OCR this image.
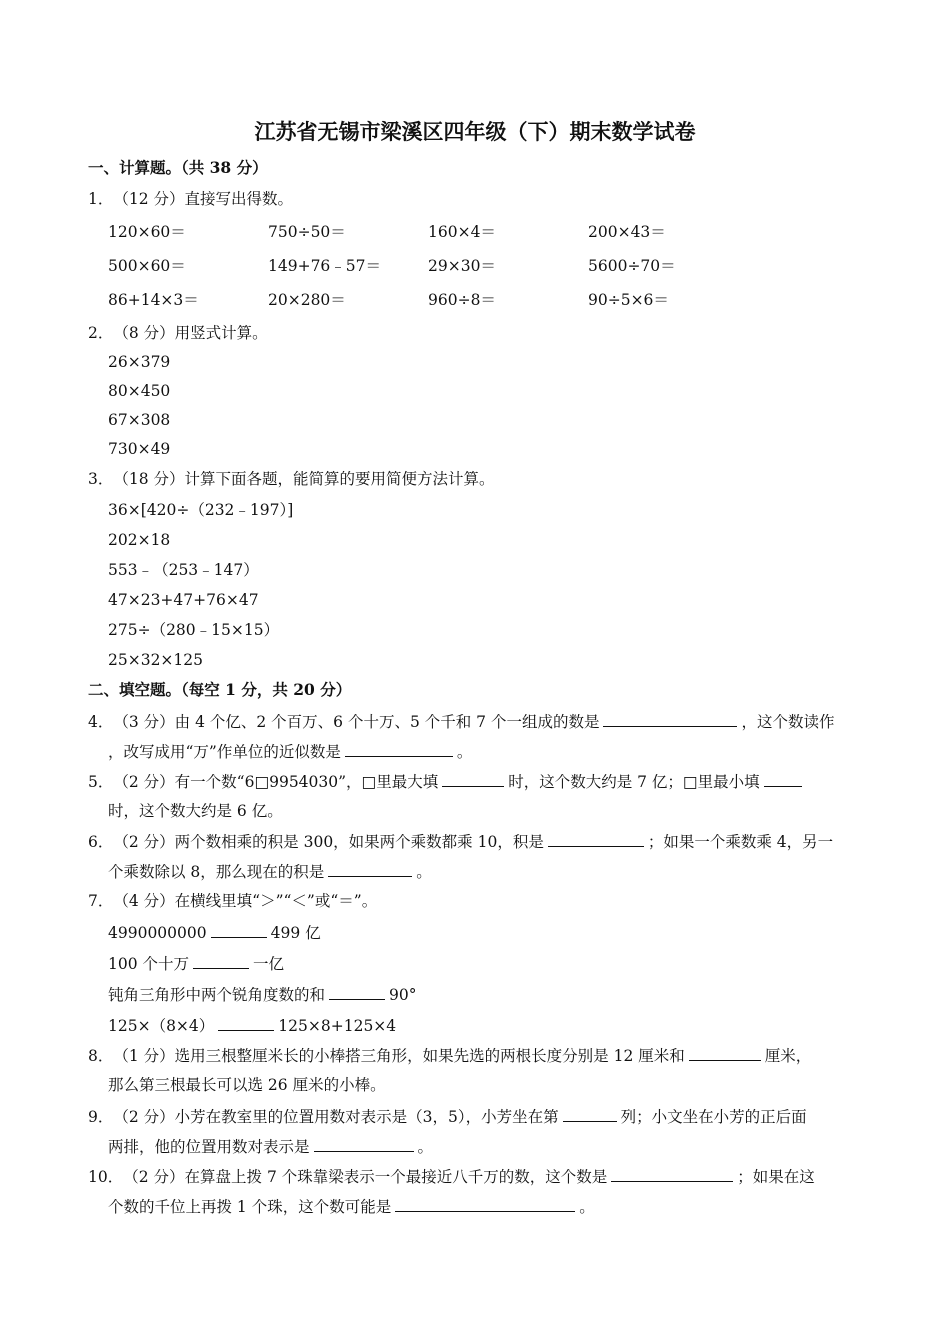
江苏省无锡市梁溪区四年级（下）期末数学试卷
一、计算题。（共 38 分）
1．（12 分）直接写出得数。
120×60＝	750÷50＝	160×4＝	200×43＝
500×60＝	149+76﹣57＝	29×30＝	5600÷70＝
86+14×3＝	20×280＝	960÷8＝	90÷5×6＝
2．（8 分）用竖式计算。
26×379
80×450
67×308
730×49
3．（18 分）计算下面各题，能简算的要用简便方法计算。
36×[420÷（232﹣197）]
202×18
553﹣（253﹣147）
47×23+47+76×47
275÷（280﹣15×15）
25×32×125
二、填空题。（每空 1 分，共 20 分）
4．（3 分）由 4 个亿、2 个百万、6 个十万、5 个千和 7 个一组成的数是	，这个数读作
，改写成用“万”作单位的近似数是	。
5．（2 分）有一个数“6□9954030”，□里最大填	时，这个数大约是 7 亿；□里最小填
时，这个数大约是 6 亿。
6．（2 分）两个数相乘的积是 300，如果两个乘数都乘 10，积是	；如果一个乘数乘 4，另一
个乘数除以 8，那么现在的积是	。
7．（4 分）在横线里填“＞”“＜”或“＝”。
4990000000	499 亿
100 个十万	一亿
钝角三角形中两个锐角度数的和	90°
125×（8×4）	125×8+125×4
8．（1 分）选用三根整厘米长的小棒搭三角形，如果先选的两根长度分别是 12 厘米和	厘米，
那么第三根最长可以选 26 厘米的小棒。
9．（2 分）小芳在教室里的位置用数对表示是（3，5），小芳坐在第	列；小文坐在小芳的正后面
两排，他的位置用数对表示是	。
10．（2 分）在算盘上拨 7 个珠靠梁表示一个最接近八千万的数，这个数是	；如果在这
个数的千位上再拨 1 个珠，这个数可能是	。
